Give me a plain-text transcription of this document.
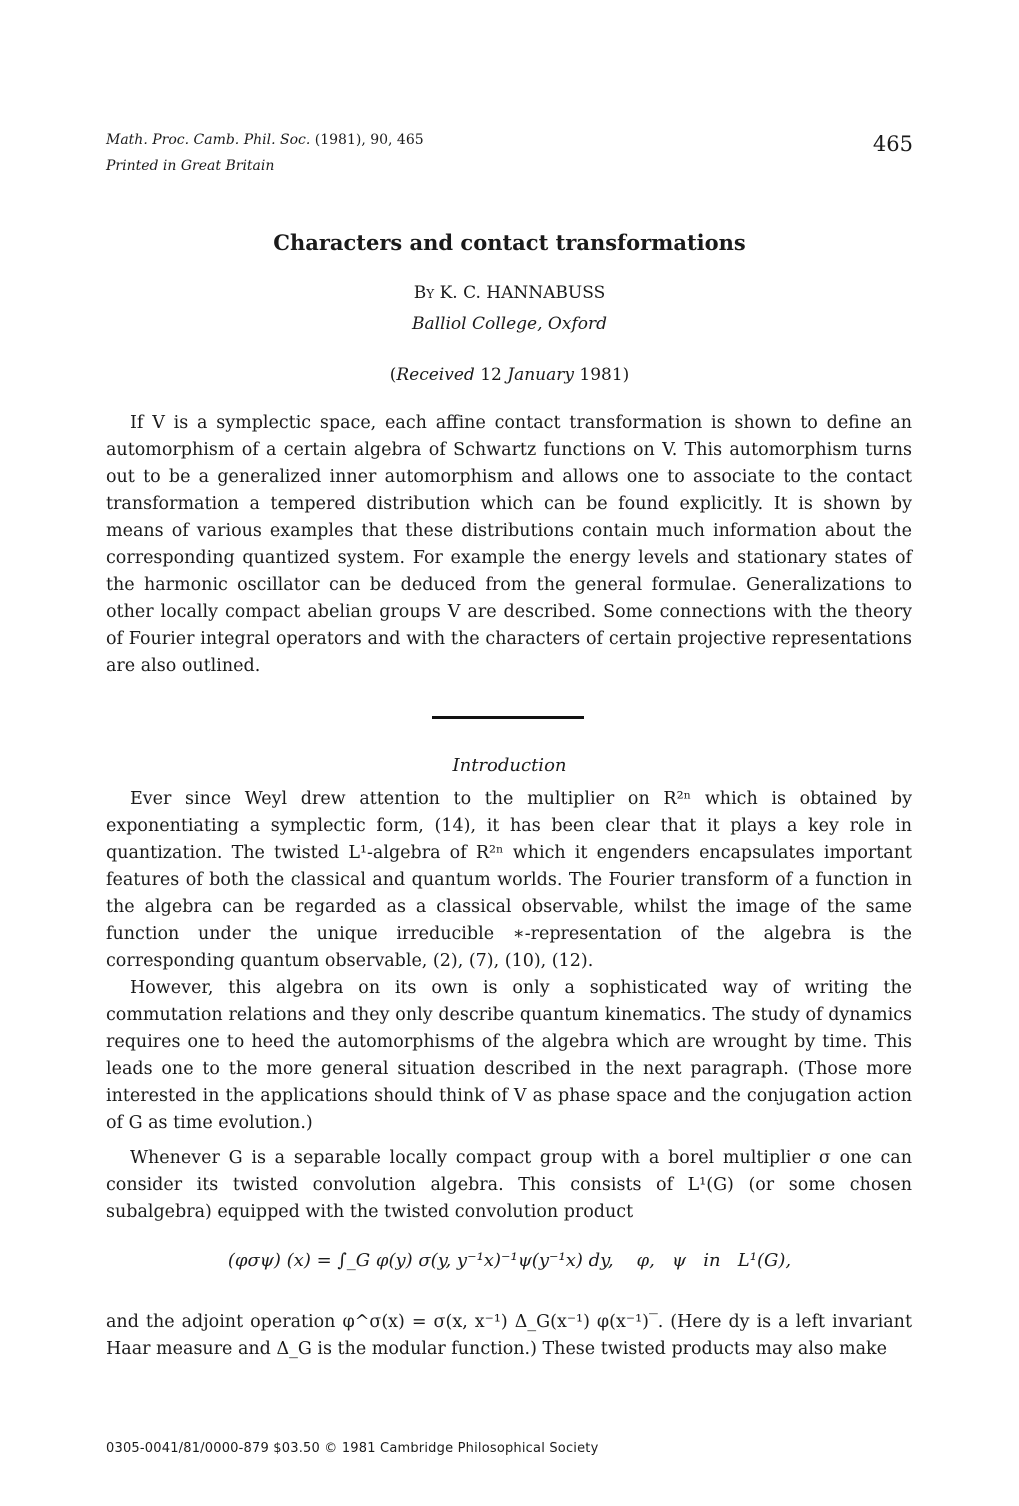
Math. Proc. Camb. Phil. Soc. (1981), 90, 465
Printed in Great Britain
465
Characters and contact transformations
By K. C. HANNABUSS
Balliol College, Oxford
(Received 12 January 1981)

If V is a symplectic space, each affine contact transformation is shown to define an automorphism of a certain algebra of Schwartz functions on V. This automorphism turns out to be a generalized inner automorphism and allows one to associate to the contact transformation a tempered distribution which can be found explicitly. It is shown by means of various examples that these distributions contain much information about the corresponding quantized system. For example the energy levels and stationary states of the harmonic oscillator can be deduced from the general formulae. Generalizations to other locally compact abelian groups V are described. Some connections with the theory of Fourier integral operators and with the characters of certain projective representations are also outlined.

Introduction

Ever since Weyl drew attention to the multiplier on R²ⁿ which is obtained by exponentiating a symplectic form, (14), it has been clear that it plays a key role in quantization. The twisted L¹-algebra of R²ⁿ which it engenders encapsulates important features of both the classical and quantum worlds. The Fourier transform of a function in the algebra can be regarded as a classical observable, whilst the image of the same function under the unique irreducible ∗-representation of the algebra is the corresponding quantum observable, (2), (7), (10), (12).

However, this algebra on its own is only a sophisticated way of writing the commutation relations and they only describe quantum kinematics. The study of dynamics requires one to heed the automorphisms of the algebra which are wrought by time. This leads one to the more general situation described in the next paragraph. (Those more interested in the applications should think of V as phase space and the conjugation action of G as time evolution.)

Whenever G is a separable locally compact group with a borel multiplier σ one can consider its twisted convolution algebra. This consists of L¹(G) (or some chosen subalgebra) equipped with the twisted convolution product

(φσψ) (x) = ∫_G φ(y) σ(y, y⁻¹x)⁻¹ψ(y⁻¹x) dy,    φ,   ψ   in   L¹(G),

and the adjoint operation φ^σ(x) = σ(x, x⁻¹) Δ_G(x⁻¹) φ(x⁻¹)‾. (Here dy is a left invariant Haar measure and Δ_G is the modular function.) These twisted products may also make

0305-0041/81/0000-879 $03.50 © 1981 Cambridge Philosophical Society
